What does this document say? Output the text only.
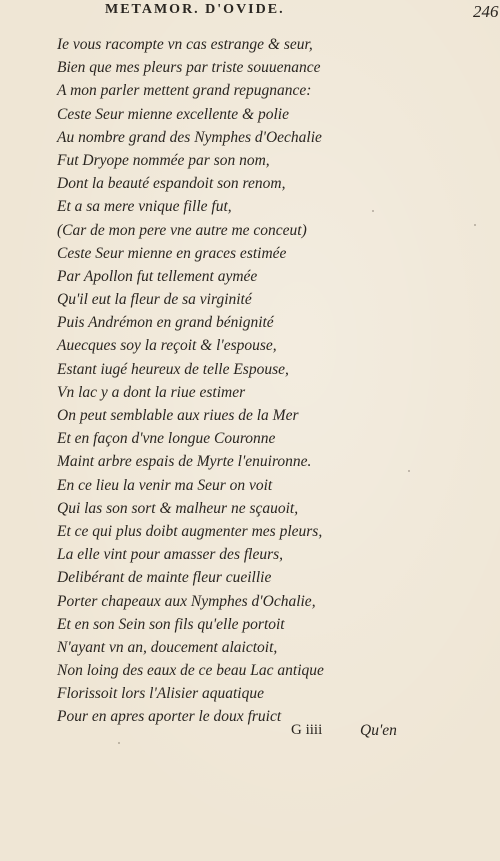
METAMOR. D'OVIDE.	246
Ie vous racompte vn cas estrange & seur,
Bien que mes pleurs par triste souuenance
A mon parler mettent grand repugnance:
Ceste Seur mienne excellente & polie
Au nombre grand des Nymphes d'Oechalie
Fut Dryope nommée par son nom,
Dont la beauté espandoit son renom,
Et a sa mere vnique fille fut,
(Car de mon pere vne autre me conceut)
Ceste Seur mienne en graces estimée
Par Apollon fut tellement aymée
Qu'il eut la fleur de sa virginité
Puis Andrémon en grand bénignité
Auecques soy la reçoit & l'espouse,
Estant iugé heureux de telle Espouse,
Vn lac y a dont la riue estimer
On peut semblable aux riues de la Mer
Et en façon d'vne longue Couronne
Maint arbre espais de Myrte l'enuironne.
En ce lieu la venir ma Seur on voit
Qui las son sort & malheur ne sçauoit,
Et ce qui plus doibt augmenter mes pleurs,
La elle vint pour amasser des fleurs,
Delibérant de mainte fleur cueillie
Porter chapeaux aux Nymphes d'Ochalie,
Et en son Sein son fils qu'elle portoit
N'ayant vn an, doucement alaictoit,
Non loing des eaux de ce beau Lac antique
Florissoit lors l'Alisier aquatique
Pour en apres aporter le doux fruict
G iiii Qu'en
